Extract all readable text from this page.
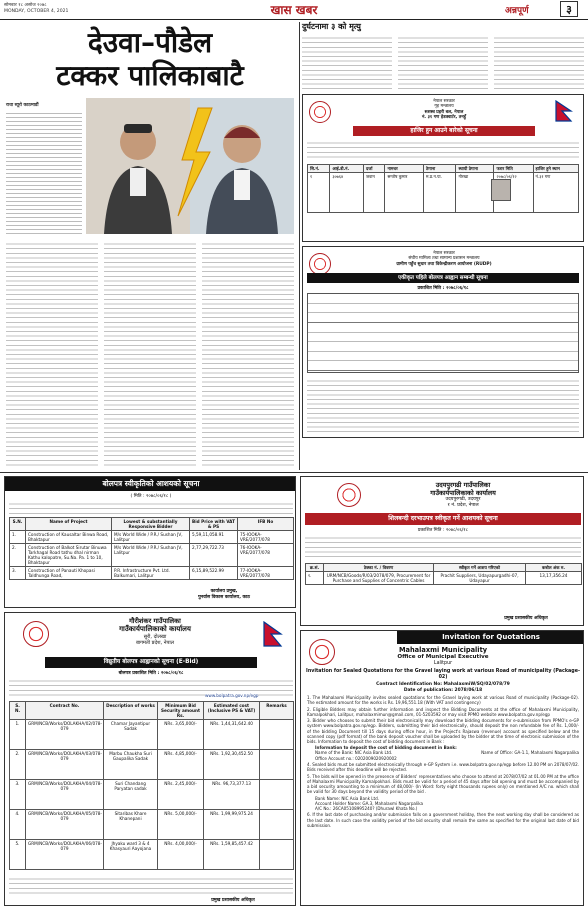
सोमबार १८ असोज २०७८
MONDAY, OCTOBER 4, 2021	खास खबर	अन्नपूर्ण	३
देउवा–पौडेल
टक्कर पालिकाबाटै
राधा ब्यूरो काठमाडौं
दुर्घटनामा ३ को मृत्यु
नेपाल सरकार
गृह मन्त्रालय
सशस्त्र प्रहरी बल, नेपाल
नं. ३१ गण हेडक्वार्टर, तनहुँ
हाजिर हुन आउने बारेको सूचना
सि.नं.	आई.डी.नं.	दर्जा	नामथर	ठेगाना	स्थायी ठेगाना	फरार मिति	हाजिर हुने स्थान
१	३०७६४	जवान	सन्तोष कुमार	म.प्र.न.पा.	गोरखा	२०७८/०६/१२	नं.३१ गण
नेपाल सरकार
संघीय मामिला तथा सामान्य प्रशासन मन्त्रालय
ग्रामीण पहुँच सुधार तथा विकेन्द्रीकरण आयोजना (RUDP)
एकीकृत पहिले बोलपत्र आह्वान सम्बन्धी सूचना
प्रकाशित मिति : २०७८/०६/१८
बोलपत्र स्वीकृतिको आशयको सूचना
( मिति : २०७८/०६/१८ )
S.N.	Name of Project	Lowest & substantially Responsive Bidder	Bid Price with VAT & PS	IFB No
1.	Construction of Kausaltar Binwa Road, Bhaktapur	M/s World Wide / P.R./ Sushan JV, Lalitpur	5,59,11,058.91	75-IOOKA-VRE/2077/078
2.	Construction of Balkot Sirutar Binuwa Tarkhagal Road tathu dhal nirman Kathu kalopatre, Su.Na. Pa. 1 to 10, Bhaktapur	M/s World Wide / P.R./ Sushan JV, Lalitpur	2,77,29,722.73	76-IOOKA-VRE/2077/078
3.	Construction of Panauti Khopasi Taldhunga Road,	P.R. Infrastructure Pvt. Ltd. Balkumari, Lalitpur	6,15,89,522.99	77-IOOKA-VRE/2077/078
कार्यालय प्रमुख,
पुनर्वास विकास कार्यालय, काठ
उदयपुरगढी गाउँपालिका
गाउँकार्यपालिकाको कार्यालय
उदयपुरगढी, उदयपुर
१ नं. प्रदेश, नेपाल
शिलबन्दी दरभाउपत्र स्वीकृत गर्ने आशयको सूचना
प्रकाशित मिति : २०७८/०६/१८
क्र.सं.	ठेक्का नं. / विवरण	स्वीकृत गर्ने आशय गरिएको	कबोल अंक रु.
१.	URM/NCB/Goods/R/03/2078/079, Procurement for Purchase and Supplies of Concentric Cables	Prachit Suppliers, Udayapurgadhi-07, Udayapur	13,17,356.24
प्रमुख प्रशासकीय अधिकृत
गौरीशंकर गाउँपालिका
गाउँकार्यपालिकाको कार्यालय
सुरी, दोलखा
बागमती प्रदेश, नेपाल
विद्युतीय बोलपत्र आह्वानको सूचना (E-Bid)
बोलपत्र प्रकाशित मिति : २०७८/०६/१८
www.bolpatra.gov.np/egp
S. N.	Contract No.	Description of works	Minimum Bid Security amount Rs.	Estimated cost (Inclusive PS & VAT)	Remarks
1.	GRM/NCB/Works/DOLAKHA/02/078-079	Chamar Jayantipur Sadak	NRs. 3,65,000/-	NRs. 1,44,31,642.40	
2.	GRM/NCB/Works/DOLAKHA/03/078-079	Marbu Chaukha Suri Gaupalika Sadak	NRs. 4,85,000/-	NRs. 1,92,30,452.50	
3.	GRM/NCB/Works/DOLAKHA/04/078-079	Suri Chandang Paryatan sadak	NRs. 2,45,000/-	NRs. 96,73,377.13	
4.	GRM/NCB/Works/DOLAKHA/05/078-079	Sitaribas Khare Khanepani	NRs. 5,00,000/-	NRs. 1,99,99,975.24	
5.	GRM/NCB/Works/DOLAKHA/06/078-079	Jhyaku ward 3 & 4 Khasyauri Aayojana	NRs. 4,00,000/-	NRs. 1,59,85,457.42	
प्रमुख प्रशासकीय अधिकृत
Invitation for Quotations
Mahalaxmi Municipality
Office of Municipal Executive
Lalitpur
Invitation for Sealed Quotations for the Gravel laying work at various Road of municipality (Package-02)
Contract Identification No: MahalaxmiW/SQ/02/078/79
Date of publication: 2078/06/18

1. The Mahalaxmi Municipality invites sealed quotations for the Gravel laying work at various Road of municipality (Package-02). The estimated amount for the works is Rs. 19,96,551.18 (With VAT and contingency)

2. Eligible Bidders may obtain further information and inspect the Bidding Documents at the office of Mahalaxmi Municipality, Kamalpokhari, Lalitpur, mahalaxmimun@gmail.com, 01-5203592 or may visit PPMO website www.bolpatra.gov.np/egp

3. Bidder who chooses to submit their bid electronically may download the bidding documents for e-submission from PPMO's e-GP system www.bolpatra.gov.np/egp. Bidders, submitting their bid electronically, should deposit the non refundable fee of Rs. 1,000/- of the bidding Document till 15 days during office hour, in the Project's Rajaswa (revenue) account as specified below and the scanned copy (pdf format) of the bank deposit voucher shall be uploaded by the bidder at the time of electronic submission of the bids. Information to deposit the cost of bidding document in Bank :

Information to deposit the cost of bidding document in Bank:

Name of the Bank: NIC Asia Bank Ltd.	Name of Office: GA-1.1, Mahalaxmi Nagarpalika

Office Account no.: 0202009020920002

4. Sealed bids must be submitted electronically through e-GP System i.e. www.bolpatra.gov.np/egp before 12.00 PM on 2078/07/02. Bids received after this deadline will be rejected.

5. The bids will be opened in the presence of Bidders' representatives who choose to attend at 2078/07/02 at 01.00 PM at the office of Mahalaxmi Municipality Kamalpokhari. Bids must be valid for a period of 45 days after bid opening and must be accompanied by a bid security amounting to a minimum of 48,000/- (In Word: forty eight thousands rupees only) on mentioned A/C no. which shall be valid for 30 days beyond the validity period of the bid .

Bank Name: NIC Asia Bank Ltd.

Account Holder Name: GA.3, Mahalaxmi Nagarpalika

A/C No.: 26CA05108995240? (Dhurawl Khata No.)

6. If the last date of purchasing and/or submission falls on a government holiday, then the next working day shall be considered as the last date. In such case the validity period of the bid security shall remain the same as specified for the original last date of bid submission.
